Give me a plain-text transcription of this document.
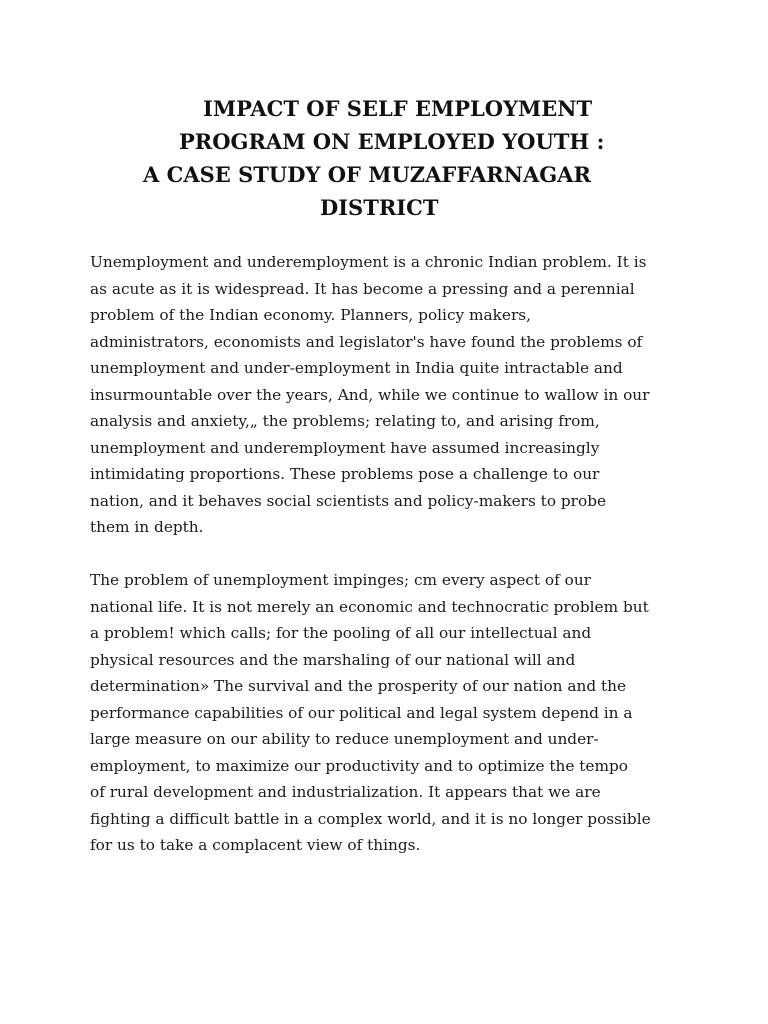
IMPACT OF SELF EMPLOYMENT
PROGRAM ON EMPLOYED YOUTH :
A CASE STUDY OF MUZAFFARNAGAR
DISTRICT

Unemployment and underemployment is a chronic Indian problem. It is
as acute as it is widespread. It has become a pressing and a perennial
problem of the Indian economy. Planners, policy makers,
administrators, economists and legislator's have found the problems of
unemployment and under-employment in India quite intractable and
insurmountable over the years, And, while we continue to wallow in our
analysis and anxiety,„ the problems; relating to, and arising from,
unemployment and underemployment have assumed increasingly
intimidating proportions. These problems pose a challenge to our
nation, and it behaves social scientists and policy-makers to probe
them in depth.

The problem of unemployment impinges; cm every aspect of our
national life. It is not merely an economic and technocratic problem but
a problem! which calls; for the pooling of all our intellectual and
physical resources and the marshaling of our national will and
determination» The survival and the prosperity of our nation and the
performance capabilities of our political and legal system depend in a
large measure on our ability to reduce unemployment and under-
employment, to maximize our productivity and to optimize the tempo
of rural development and industrialization. It appears that we are
fighting a difficult battle in a complex world, and it is no longer possible
for us to take a complacent view of things.
